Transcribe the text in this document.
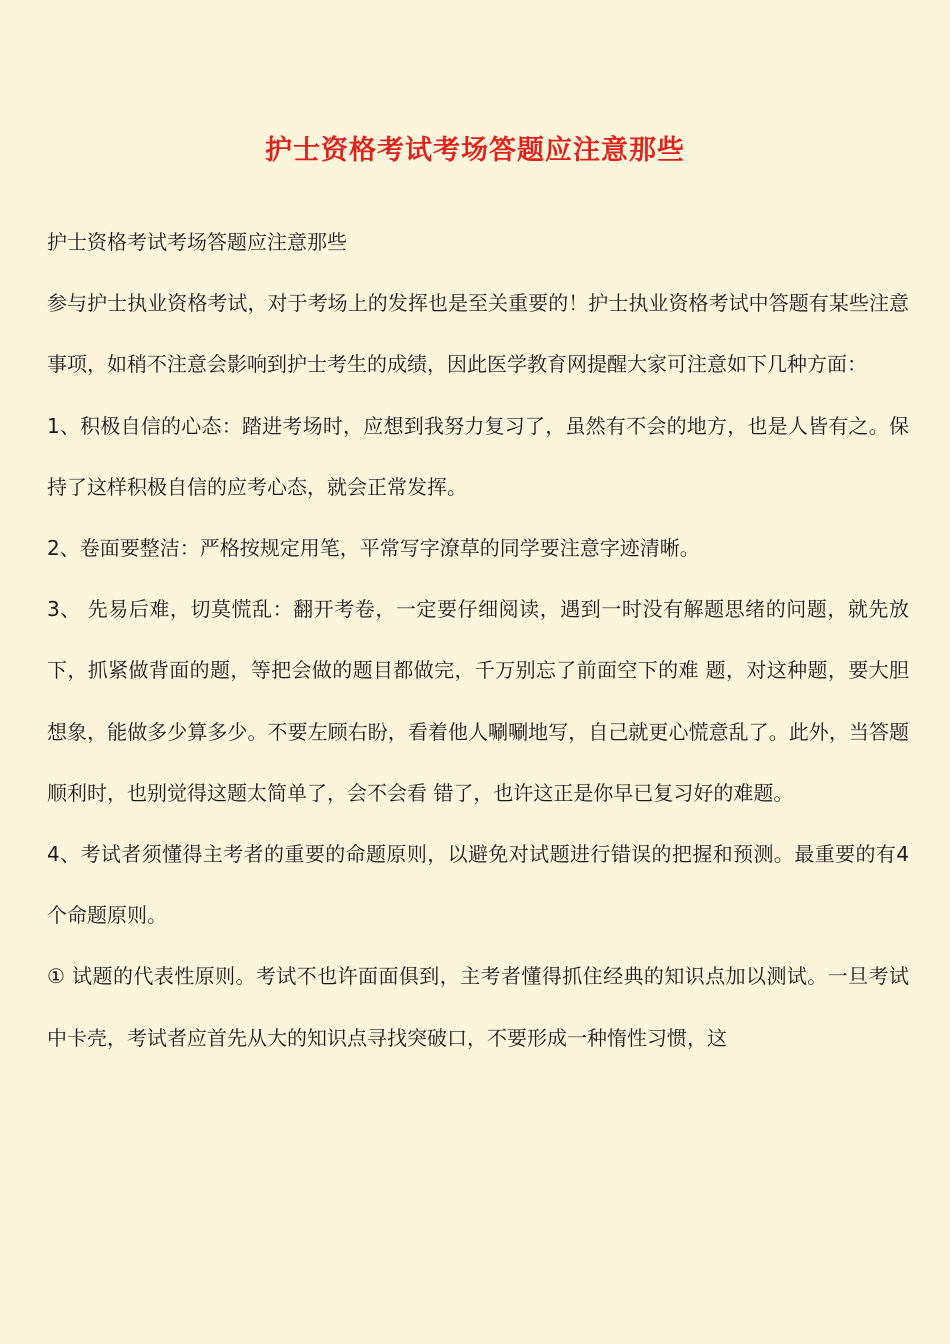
护士资格考试考场答题应注意那些

护士资格考试考场答题应注意那些

参与护士执业资格考试，对于考场上的发挥也是至关重要的！护士执业资格考试中答题有某些注意事项，如稍不注意会影响到护士考生的成绩，因此医学教育网提醒大家可注意如下几种方面：

1、积极自信的心态：踏进考场时，应想到我努力复习了，虽然有不会的地方，也是人皆有之。保持了这样积极自信的应考心态，就会正常发挥。

2、卷面要整洁：严格按规定用笔，平常写字潦草的同学要注意字迹清晰。

3、 先易后难，切莫慌乱：翻开考卷，一定要仔细阅读，遇到一时没有解题思绪的问题，就先放下，抓紧做背面的题，等把会做的题目都做完，千万别忘了前面空下的难 题，对这种题，要大胆想象，能做多少算多少。不要左顾右盼，看着他人唰唰地写，自己就更心慌意乱了。此外，当答题顺利时，也别觉得这题太简单了，会不会看 错了，也许这正是你早已复习好的难题。

4、考试者须懂得主考者的重要的命题原则，以避免对试题进行错误的把握和预测。最重要的有4个命题原则。

① 试题的代表性原则。考试不也许面面俱到，主考者懂得抓住经典的知识点加以测试。一旦考试中卡壳，考试者应首先从大的知识点寻找突破口，不要形成一种惰性习惯，这
